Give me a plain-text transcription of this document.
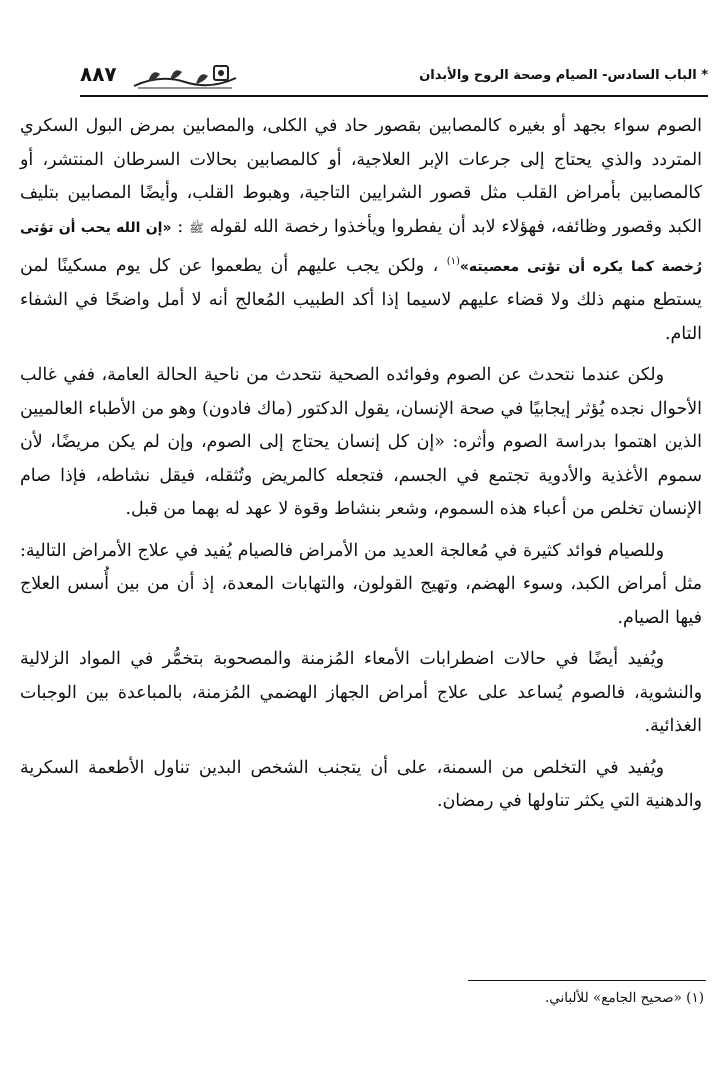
* الباب السادس- الصيام وصحة الروح والأبدان
٨٨٧

الصوم سواء بجهد أو بغيره كالمصابين بقصور حاد في الكلى، والمصابين بمرض البول السكري المتردد والذي يحتاج إلى جرعات الإبر العلاجية، أو كالمصابين بحالات السرطان المنتشر، أو كالمصابين بأمراض القلب مثل قصور الشرايين التاجية، وهبوط القلب، وأيضًا المصابين بتليف الكبد وقصور وظائفه، فهؤلاء لابد أن يفطروا ويأخذوا رخصة الله لقوله ﷺ : «إن الله يحب أن تؤتى رُخصة كما يكره أن تؤتى معصيته»$^{(١)}$ ، ولكن يجب عليهم أن يطعموا عن كل يوم مسكينًا لمن يستطع منهم ذلك ولا قضاء عليهم لاسيما إذا أكد الطبيب المُعالج أنه لا أمل واضحًا في الشفاء التام.

ولكن عندما نتحدث عن الصوم وفوائده الصحية نتحدث من ناحية الحالة العامة، ففي غالب الأحوال نجده يُؤثر إيجابيًا في صحة الإنسان، يقول الدكتور (ماك فادون) وهو من الأطباء العالميين الذين اهتموا بدراسة الصوم وأثره: «إن كل إنسان يحتاج إلى الصوم، وإن لم يكن مريضًا، لأن سموم الأغذية والأدوية تجتمع في الجسم، فتجعله كالمريض وتُثقله، فيقل نشاطه، فإذا صام الإنسان تخلص من أعباء هذه السموم، وشعر بنشاط وقوة لا عهد له بهما من قبل.

وللصيام فوائد كثيرة في مُعالجة العديد من الأمراض فالصيام يُفيد في علاج الأمراض التالية: مثل أمراض الكبد، وسوء الهضم، وتهيج القولون، والتهابات المعدة، إذ أن من بين أُسس العلاج فيها الصيام.

ويُفيد أيضًا في حالات اضطرابات الأمعاء المُزمنة والمصحوبة بتخمُّر في المواد الزلالية والنشوية، فالصوم يُساعد على علاج أمراض الجهاز الهضمي المُزمنة، بالمباعدة بين الوجبات الغذائية.

ويُفيد في التخلص من السمنة، على أن يتجنب الشخص البدين تناول الأطعمة السكرية والدهنية التي يكثر تناولها في رمضان.

(١) «صحيح الجامع» للألباني.
